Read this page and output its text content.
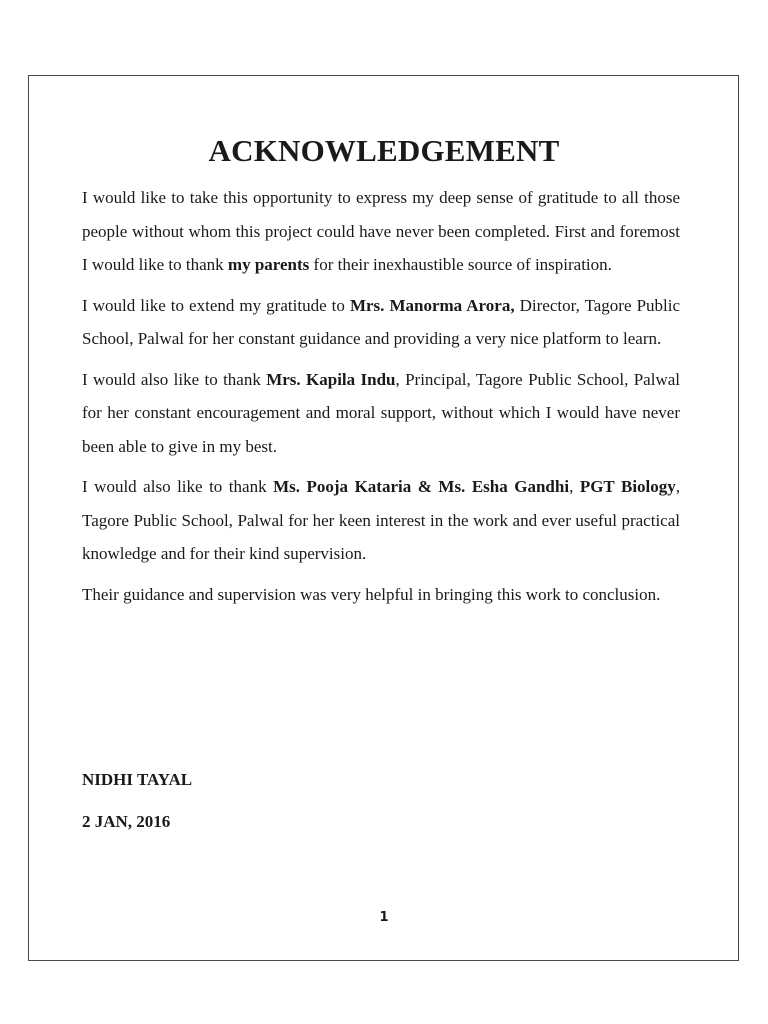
ACKNOWLEDGEMENT

I would like to take this opportunity to express my deep sense of gratitude to all those people without whom this project could have never been completed. First and foremost I would like to thank my parents for their inexhaustible source of inspiration.

I would like to extend my gratitude to Mrs. Manorma Arora, Director, Tagore Public School, Palwal for her constant guidance and providing a very nice platform to learn.

I would also like to thank Mrs. Kapila Indu, Principal, Tagore Public School, Palwal for her constant encouragement and moral support, without which I would have never been able to give in my best.

I would also like to thank Ms. Pooja Kataria & Ms. Esha Gandhi, PGT Biology, Tagore Public School, Palwal for her keen interest in the work and ever useful practical knowledge and for their kind supervision.

Their guidance and supervision was very helpful in bringing this work to conclusion.

NIDHI TAYAL
2 JAN, 2016
1
